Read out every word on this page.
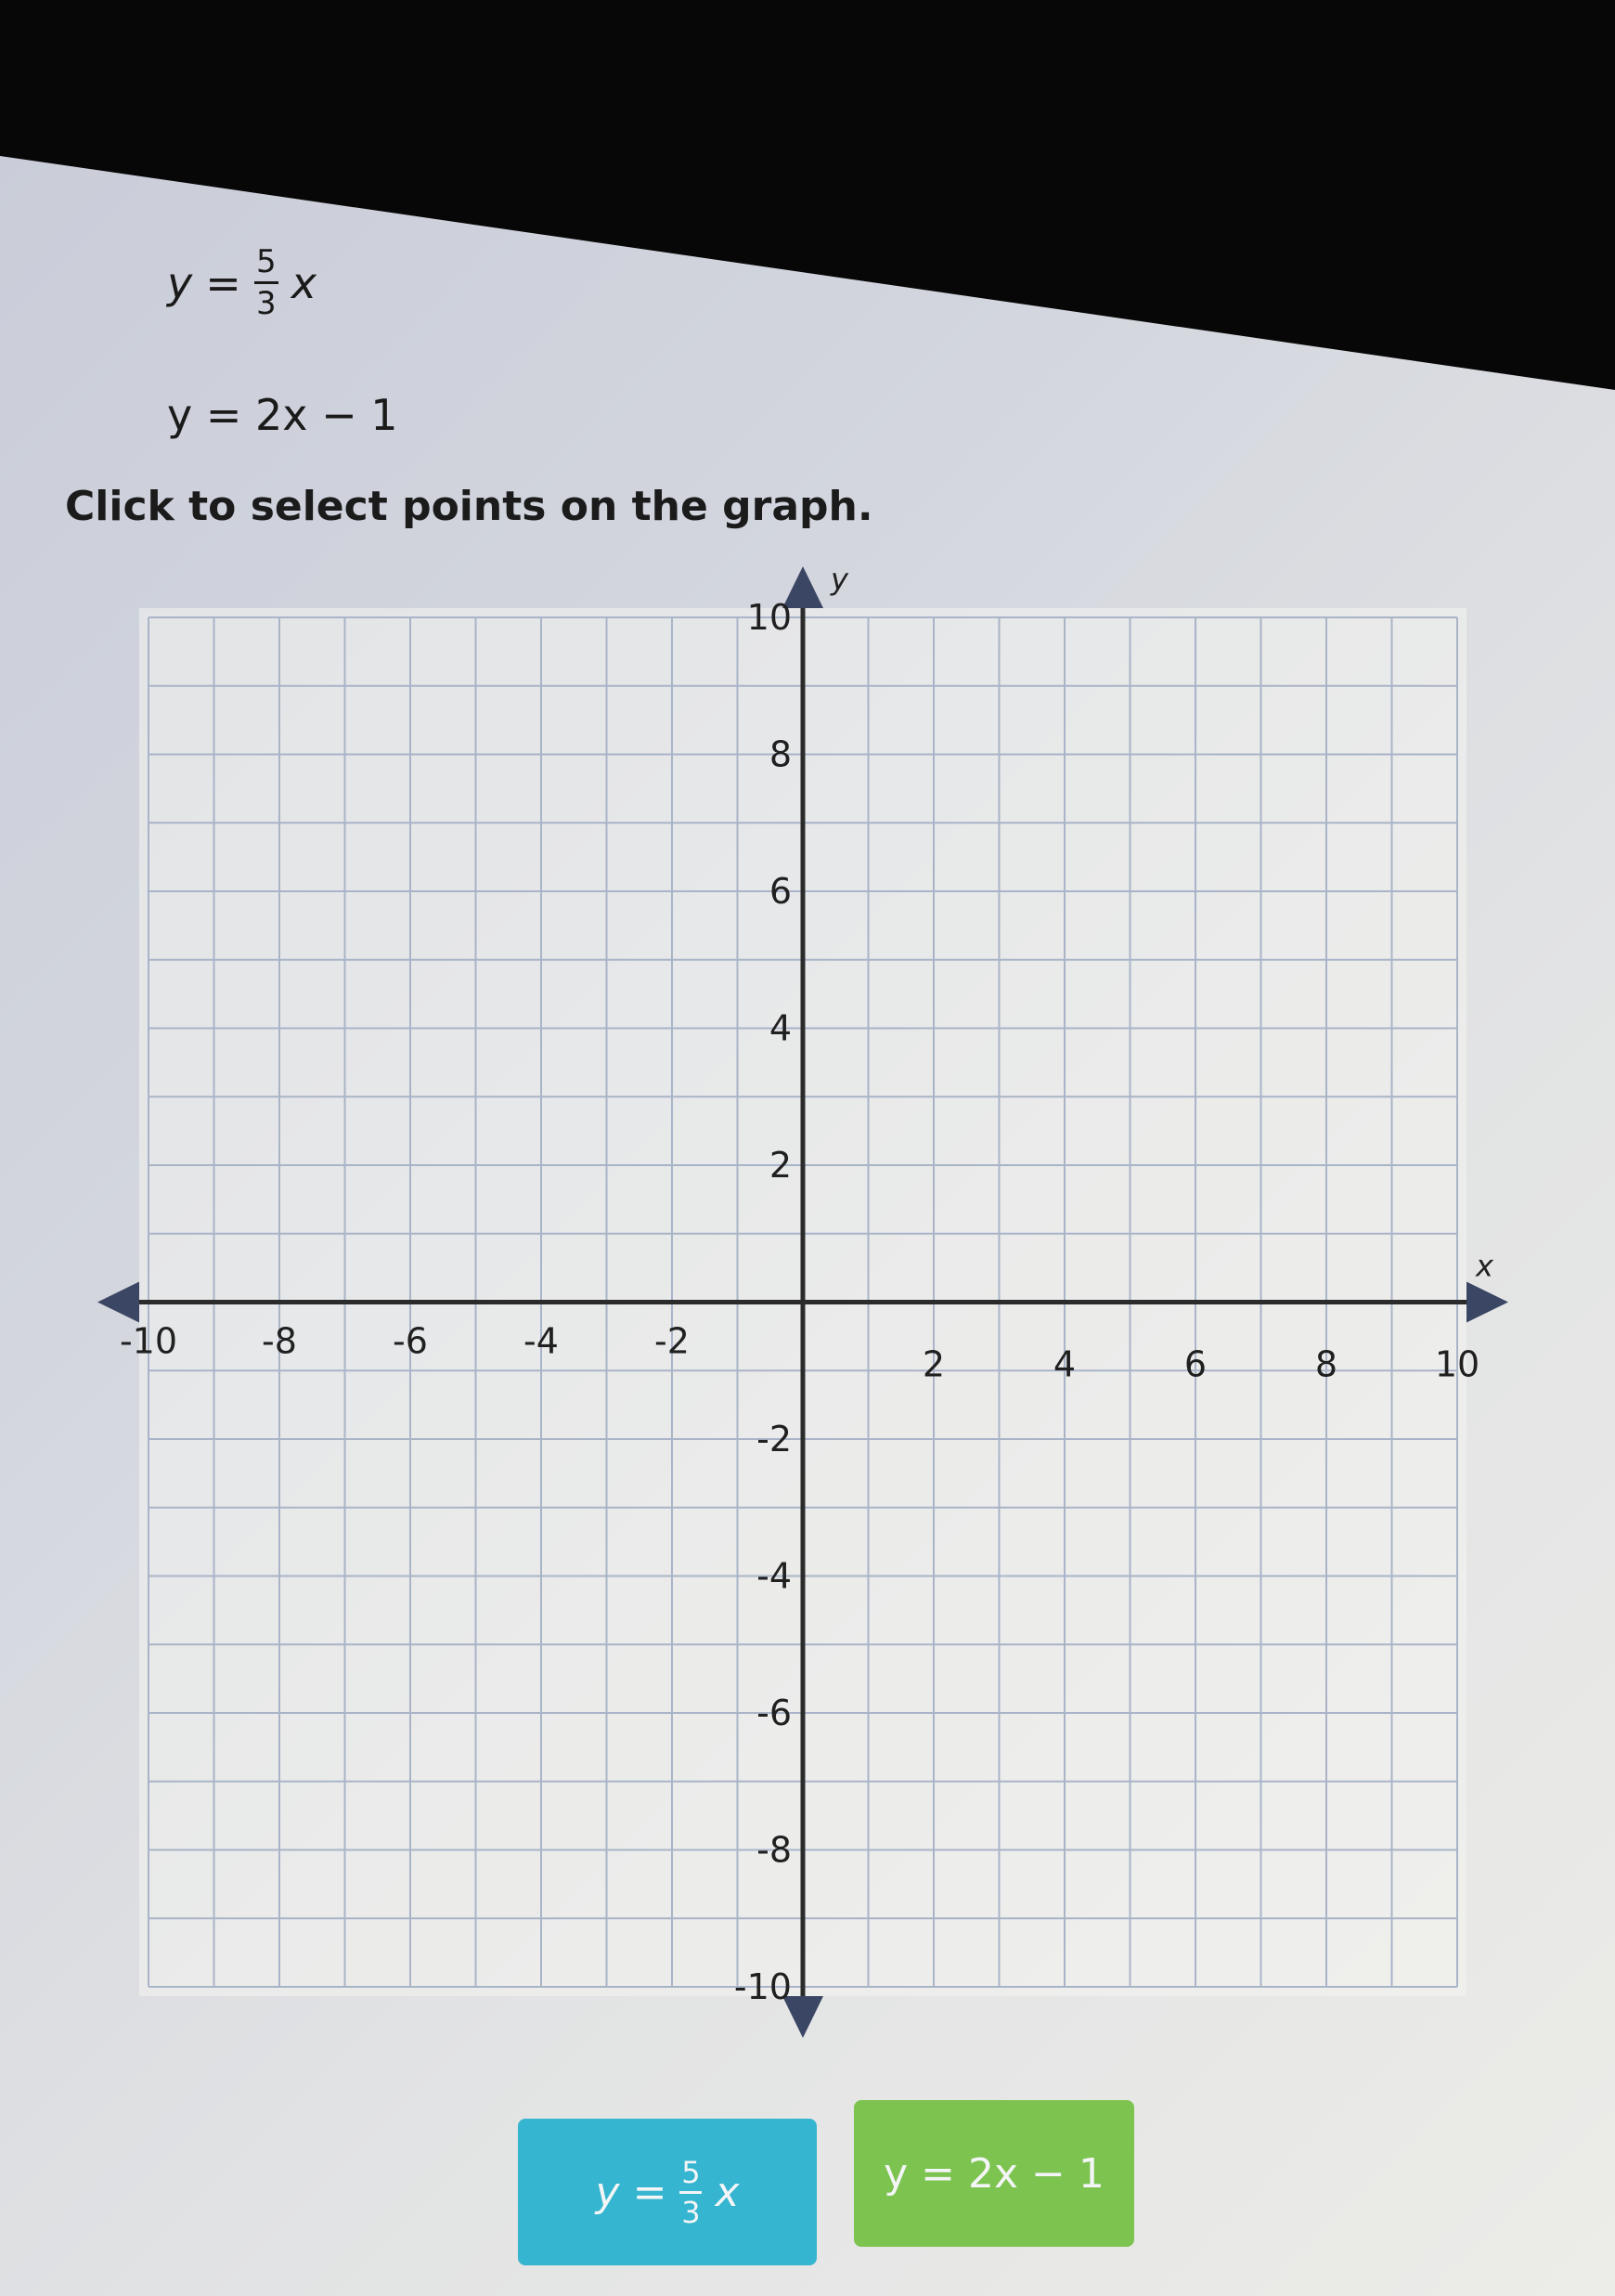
$y = \frac{5}{3}$ x
y = 2x − 1
Click to select points on the graph.
-10 -8	-6	-4	-2
2	4	6	8	10
10
8
6
4
2
-2
-4
-6
-8
-10
x
y
$y = \frac{5}{3}$ x	y = 2x − 1
